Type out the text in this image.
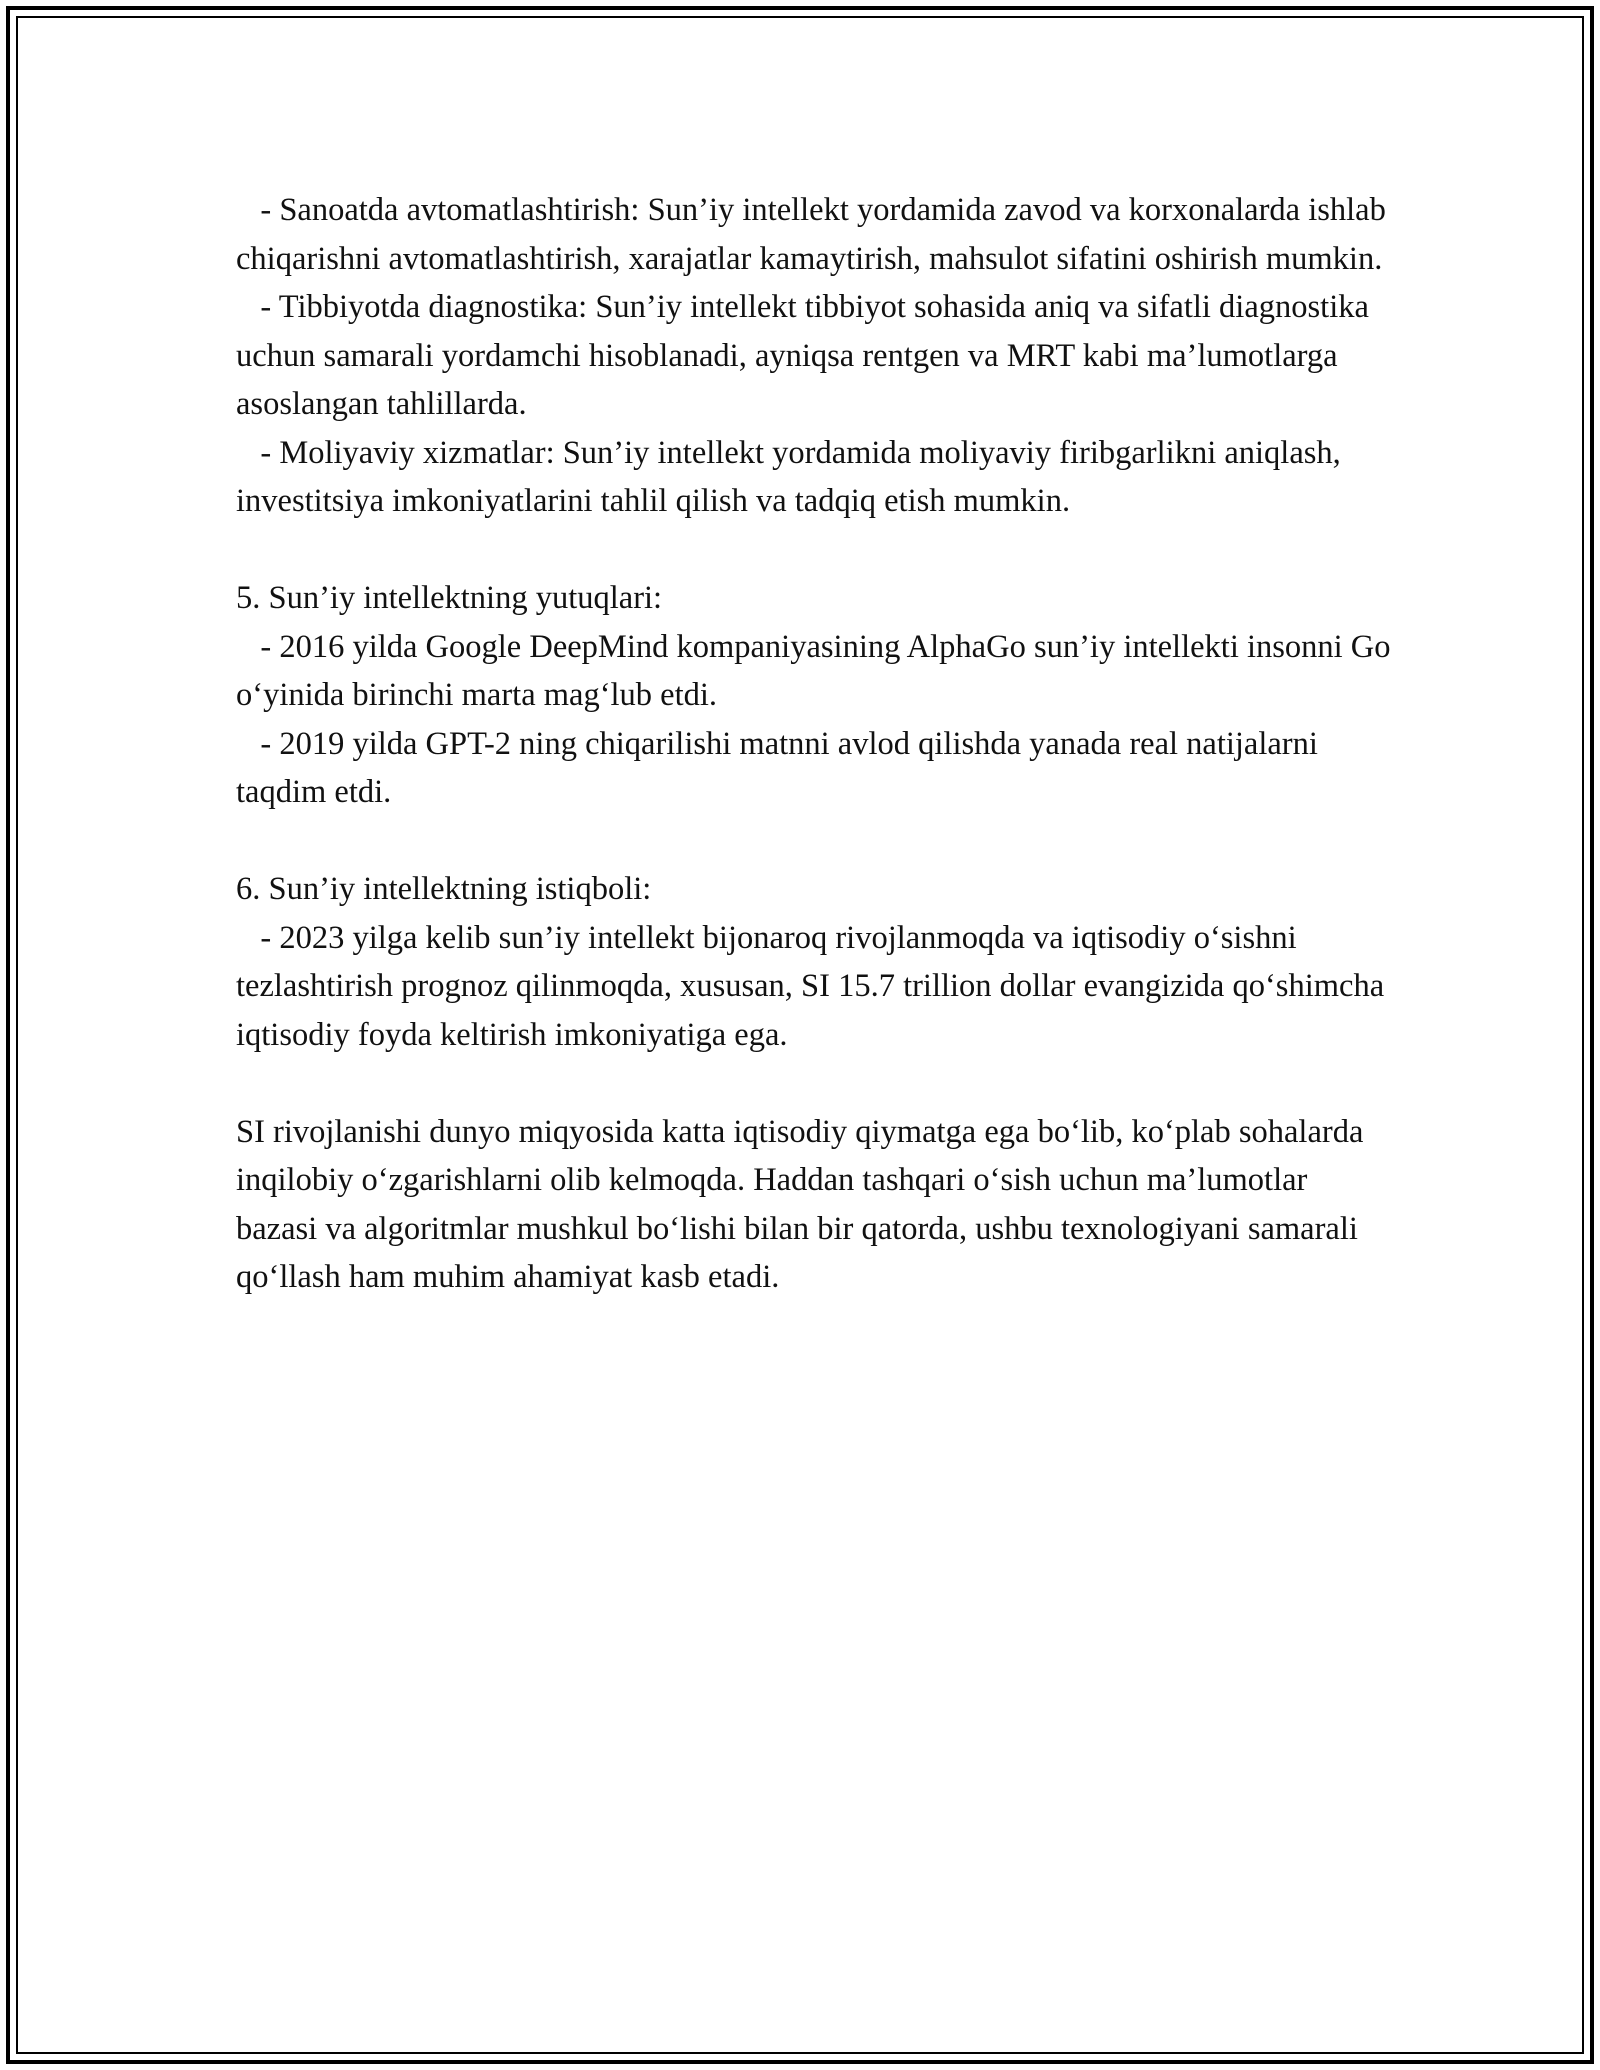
- Sanoatda avtomatlashtirish: Sun’iy intellekt yordamida zavod va korxonalarda ishlab chiqarishni avtomatlashtirish, xarajatlar kamaytirish, mahsulot sifatini oshirish mumkin.

- Tibbiyotda diagnostika: Sun’iy intellekt tibbiyot sohasida aniq va sifatli diagnostika uchun samarali yordamchi hisoblanadi, ayniqsa rentgen va MRT kabi ma’lumotlarga asoslangan tahlillarda.

- Moliyaviy xizmatlar: Sun’iy intellekt yordamida moliyaviy firibgarlikni aniqlash, investitsiya imkoniyatlarini tahlil qilish va tadqiq etish mumkin.

5. Sun’iy intellektning yutuqlari:

- 2016 yilda Google DeepMind kompaniyasining AlphaGo sun’iy intellekti insonni Go o‘yinida birinchi marta mag‘lub etdi.

- 2019 yilda GPT-2 ning chiqarilishi matnni avlod qilishda yanada real natijalarni taqdim etdi.

6. Sun’iy intellektning istiqboli:

- 2023 yilga kelib sun’iy intellekt bijonaroq rivojlanmoqda va iqtisodiy o‘sishni tezlashtirish prognoz qilinmoqda, xususan, SI 15.7 trillion dollar evangizida qo‘shimcha iqtisodiy foyda keltirish imkoniyatiga ega.

SI rivojlanishi dunyo miqyosida katta iqtisodiy qiymatga ega bo‘lib, ko‘plab sohalarda inqilobiy o‘zgarishlarni olib kelmoqda. Haddan tashqari o‘sish uchun ma’lumotlar bazasi va algoritmlar mushkul bo‘lishi bilan bir qatorda, ushbu texnologiyani samarali qo‘llash ham muhim ahamiyat kasb etadi.
